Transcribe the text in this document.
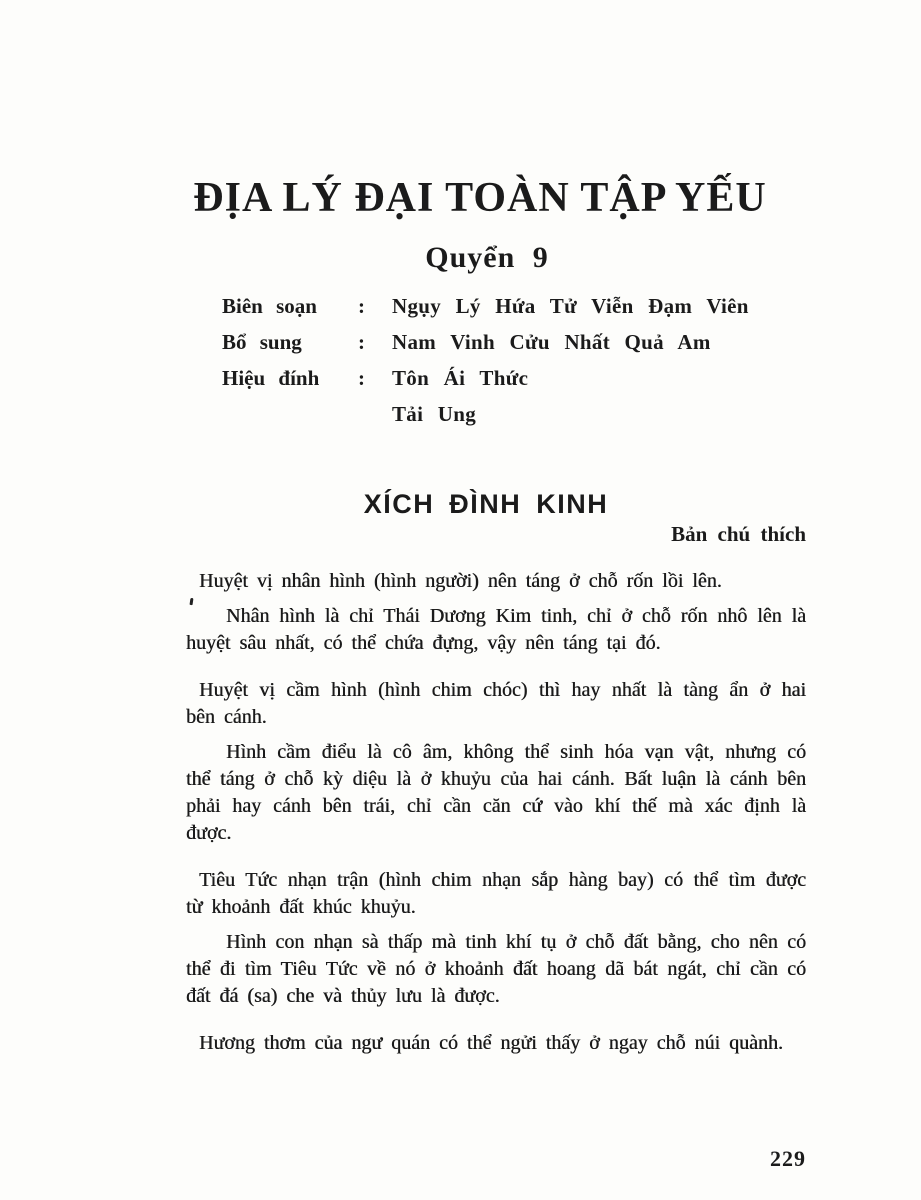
ĐỊA LÝ ĐẠI TOÀN TẬP YẾU
Quyển 9
Biên soạn	:	Ngụy Lý Hứa Tử Viễn Đạm Viên
Bổ sung	:	Nam Vinh Cửu Nhất Quả Am
Hiệu đính	:	Tôn Ái Thức
Tải Ung
XÍCH ĐÌNH KINH
Bản chú thích

Huyệt vị nhân hình (hình người) nên táng ở chỗ rốn lồi lên.

Nhân hình là chỉ Thái Dương Kim tinh, chỉ ở chỗ rốn nhô lên là huyệt sâu nhất, có thể chứa đựng, vậy nên táng tại đó.

Huyệt vị cầm hình (hình chim chóc) thì hay nhất là tàng ẩn ở hai bên cánh.

Hình cầm điểu là cô âm, không thể sinh hóa vạn vật, nhưng có thể táng ở chỗ kỳ diệu là ở khuỷu của hai cánh. Bất luận là cánh bên phải hay cánh bên trái, chỉ cần căn cứ vào khí thế mà xác định là được.

Tiêu Tức nhạn trận (hình chim nhạn sắp hàng bay) có thể tìm được từ khoảnh đất khúc khuỷu.

Hình con nhạn sà thấp mà tinh khí tụ ở chỗ đất bằng, cho nên có thể đi tìm Tiêu Tức về nó ở khoảnh đất hoang dã bát ngát, chỉ cần có đất đá (sa) che và thủy lưu là được.

Hương thơm của ngư quán có thể ngửi thấy ở ngay chỗ núi quành.

229
